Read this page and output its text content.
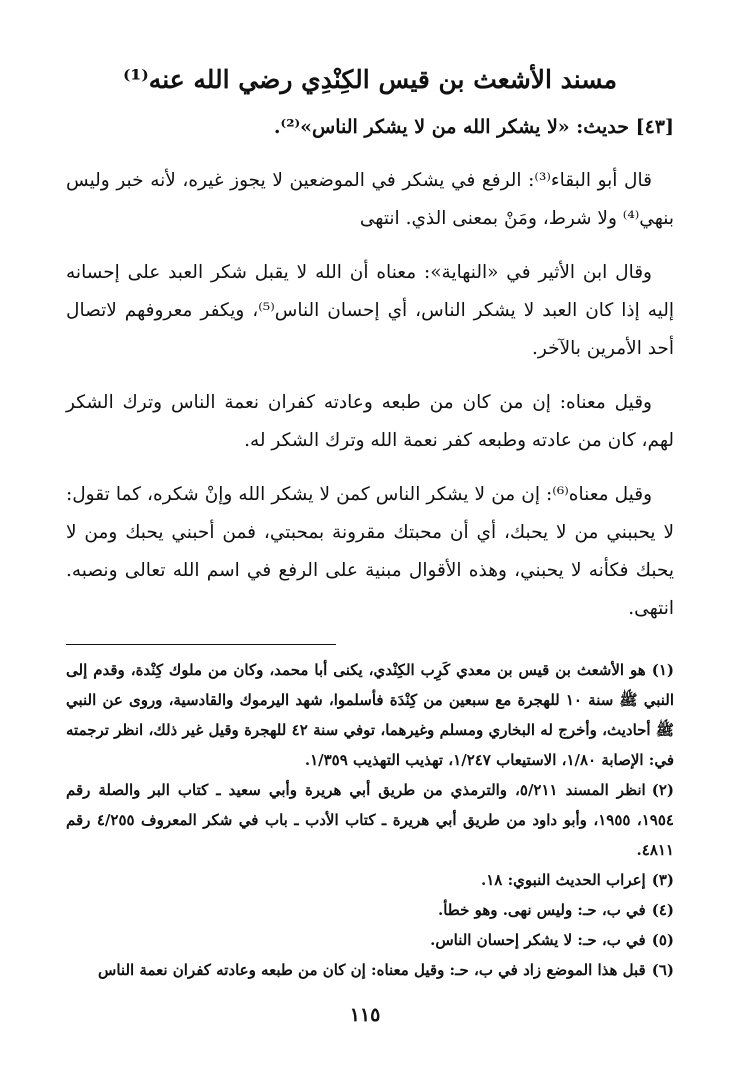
مسند الأشعث بن قيس الكِنْدِي رضي الله عنه⁽¹⁾
[٤٣] حديث: «لا يشكر الله من لا يشكر الناس»⁽²⁾.

قال أبو البقاء⁽³⁾: الرفع في يشكر في الموضعين لا يجوز غيره، لأنه خبر وليس بنهي⁽⁴⁾ ولا شرط، ومَنْ بمعنى الذي. انتهى

وقال ابن الأثير في «النهاية»: معناه أن الله لا يقبل شكر العبد على إحسانه إليه إذا كان العبد لا يشكر الناس، أي إحسان الناس⁽⁵⁾، ويكفر معروفهم لاتصال أحد الأمرين بالآخر.

وقيل معناه: إن من كان من طبعه وعادته كفران نعمة الناس وترك الشكر لهم، كان من عادته وطبعه كفر نعمة الله وترك الشكر له.

وقيل معناه⁽⁶⁾: إن من لا يشكر الناس كمن لا يشكر الله وإنْ شكره، كما تقول: لا يحببني من لا يحبك، أي أن محبتك مقرونة بمحبتي، فمن أحبني يحبك ومن لا يحبك فكأنه لا يحبني، وهذه الأقوال مبنية على الرفع في اسم الله تعالى ونصبه. انتهى.

(١)هو الأشعث بن قيس بن معدي كَرِب الكِنْدي، يكنى أبا محمد، وكان من ملوك كِنْدة، وقدم إلى النبي ﷺ سنة ١٠ للهجرة مع سبعين من كِنْدَة فأسلموا، شهد اليرموك والقادسية، وروى عن النبي ﷺ أحاديث، وأخرج له البخاري ومسلم وغيرهما، توفي سنة ٤٢ للهجرة وقيل غير ذلك، انظر ترجمته في: الإصابة ١/٨٠، الاستيعاب ١/٢٤٧، تهذيب التهذيب ١/٣٥٩.
(٢)انظر المسند ٥/٢١١، والترمذي من طريق أبي هريرة وأبي سعيد ـ كتاب البر والصلة رقم ١٩٥٤، ١٩٥٥، وأبو داود من طريق أبي هريرة ـ كتاب الأدب ـ باب في شكر المعروف ٤/٢٥٥ رقم ٤٨١١.
(٣)إعراب الحديث النبوي: ١٨.
(٤)في ب، حـ: وليس نهى. وهو خطأ.
(٥)في ب، حـ: لا يشكر إحسان الناس.
(٦)قبل هذا الموضع زاد في ب، حـ: وقيل معناه: إن كان من طبعه وعادته كفران نعمة الناس
١١٥
